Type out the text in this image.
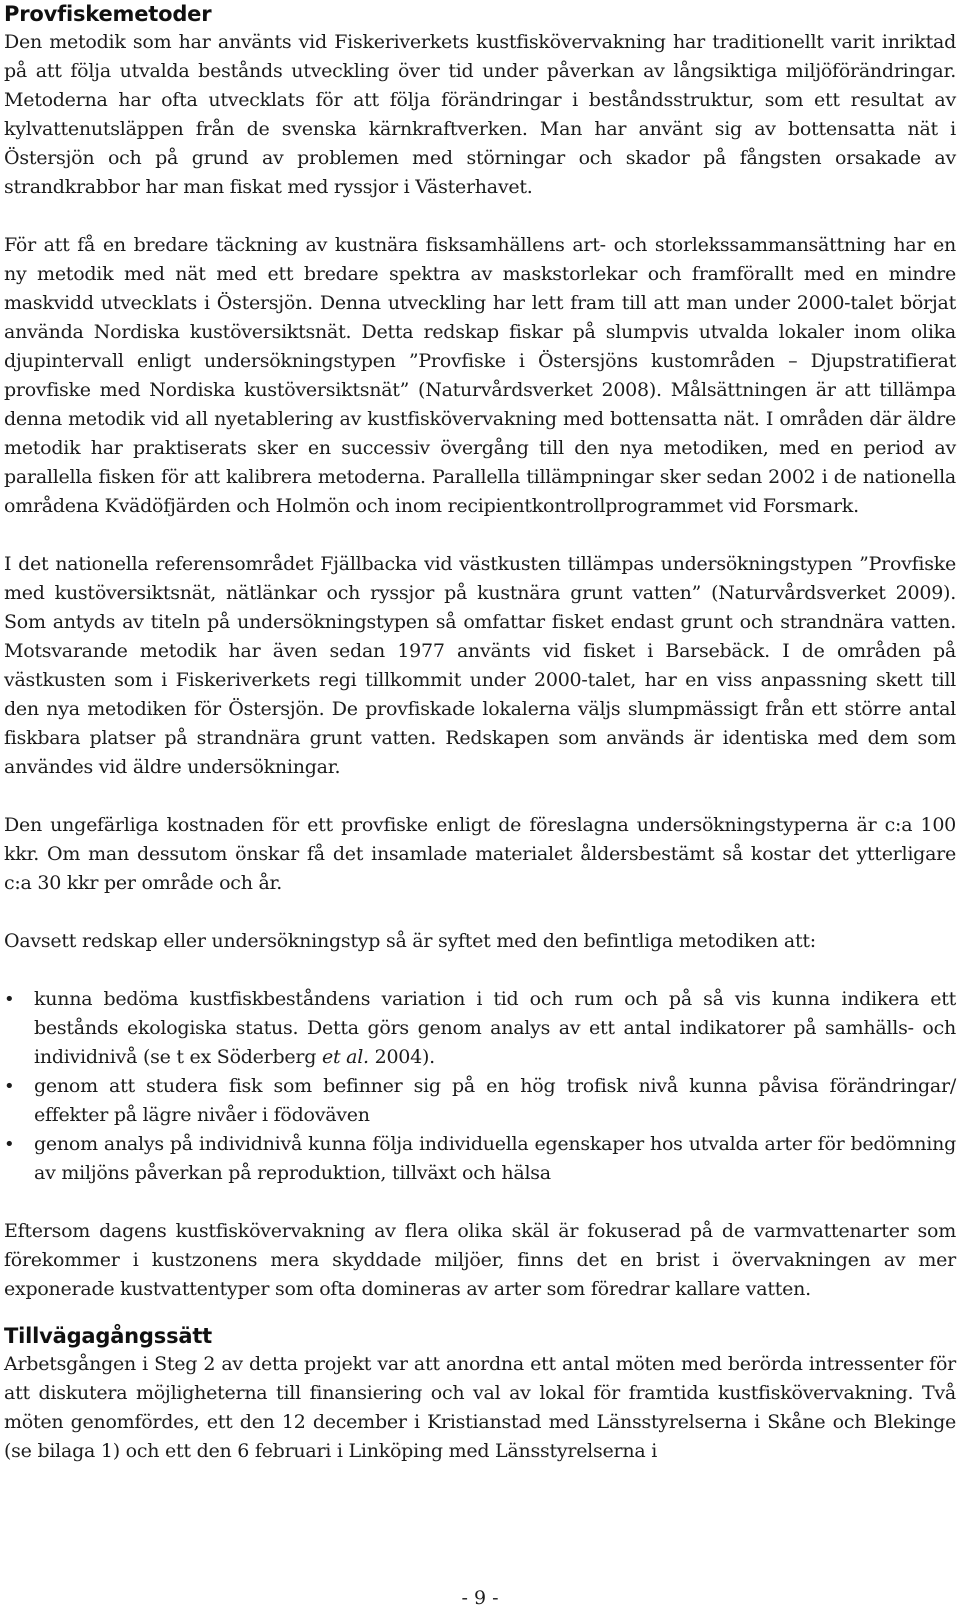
Provfiskemetoder

Den metodik som har använts vid Fiskeriverkets kustfiskövervakning har traditionellt varit inriktad på att följa utvalda bestånds utveckling över tid under påverkan av långsiktiga miljöförändringar. Metoderna har ofta utvecklats för att följa förändringar i beståndsstruktur, som ett resultat av kylvattenutsläppen från de svenska kärnkraftverken. Man har använt sig av bottensatta nät i Östersjön och på grund av problemen med störningar och skador på fångsten orsakade av strandkrabbor har man fiskat med ryssjor i Västerhavet.

För att få en bredare täckning av kustnära fisksamhällens art- och storlekssammansättning har en ny metodik med nät med ett bredare spektra av maskstorlekar och framförallt med en mindre maskvidd utvecklats i Östersjön. Denna utveckling har lett fram till att man under 2000-talet börjat använda Nordiska kustöversiktsnät. Detta redskap fiskar på slumpvis utvalda lokaler inom olika djupintervall enligt undersökningstypen ”Provfiske i Östersjöns kustområden – Djupstratifierat provfiske med Nordiska kustöversiktsnät” (Naturvårdsverket 2008). Målsättningen är att tillämpa denna metodik vid all nyetablering av kustfiskövervakning med bottensatta nät. I områden där äldre metodik har praktiserats sker en successiv övergång till den nya metodiken, med en period av parallella fisken för att kalibrera metoderna. Parallella tillämpningar sker sedan 2002 i de nationella områdena Kvädöfjärden och Holmön och inom recipientkontrollprogrammet vid Forsmark.

I det nationella referensområdet Fjällbacka vid västkusten tillämpas undersökningstypen ”Provfiske med kustöversiktsnät, nätlänkar och ryssjor på kustnära grunt vatten” (Naturvårdsverket 2009). Som antyds av titeln på undersökningstypen så omfattar fisket endast grunt och strandnära vatten. Motsvarande metodik har även sedan 1977 använts vid fisket i Barsebäck. I de områden på västkusten som i Fiskeriverkets regi tillkommit under 2000-talet, har en viss anpassning skett till den nya metodiken för Östersjön. De provfiskade lokalerna väljs slumpmässigt från ett större antal fiskbara platser på strandnära grunt vatten. Redskapen som används är identiska med dem som användes vid äldre undersökningar.

Den ungefärliga kostnaden för ett provfiske enligt de föreslagna undersökningstyperna är c:a 100 kkr. Om man dessutom önskar få det insamlade materialet åldersbestämt så kostar det ytterligare c:a 30 kkr per område och år.

Oavsett redskap eller undersökningstyp så är syftet med den befintliga metodiken att:

•	kunna bedöma kustfiskbeståndens variation i tid och rum och på så vis kunna indikera ett bestånds ekologiska status. Detta görs genom analys av ett antal indikatorer på samhälls- och individnivå (se t ex Söderberg et al. 2004).
•	genom att studera fisk som befinner sig på en hög trofisk nivå kunna påvisa förändringar/ effekter på lägre nivåer i födoväven
•	genom analys på individnivå kunna följa individuella egenskaper hos utvalda arter för bedömning av miljöns påverkan på reproduktion, tillväxt och hälsa

Eftersom dagens kustfiskövervakning av flera olika skäl är fokuserad på de varmvattenarter som förekommer i kustzonens mera skyddade miljöer, finns det en brist i övervakningen av mer exponerade kustvattentyper som ofta domineras av arter som föredrar kallare vatten.

Tillvägagångssätt

Arbetsgången i Steg 2 av detta projekt var att anordna ett antal möten med berörda intressenter för att diskutera möjligheterna till finansiering och val av lokal för framtida kustfiskövervakning. Två möten genomfördes, ett den 12 december i Kristianstad med Länsstyrelserna i Skåne och Blekinge (se bilaga 1) och ett den 6 februari i Linköping med Länsstyrelserna i

- 9 -
